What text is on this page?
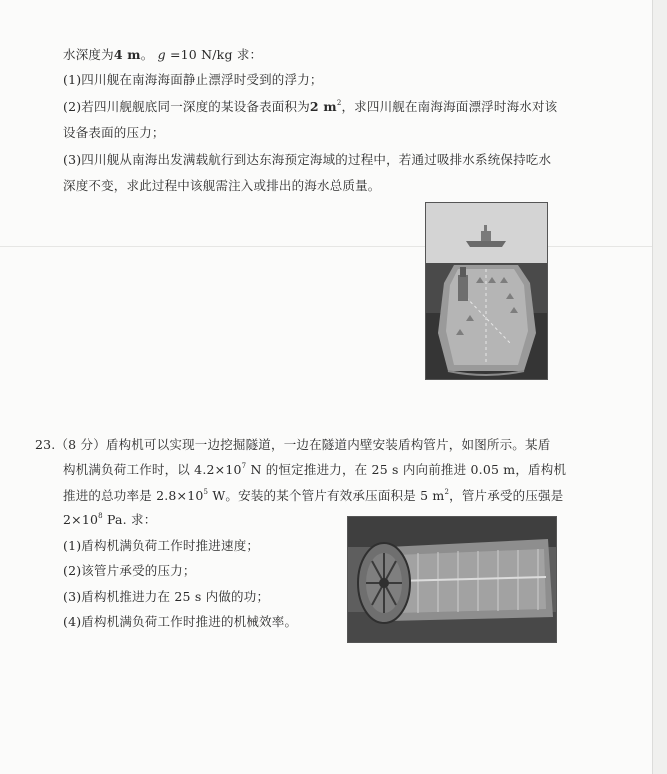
水深度为4 m。 g =10 N/kg 求：
(1)四川舰在南海海面静止漂浮时受到的浮力；
(2)若四川舰舰底同一深度的某设备表面积为2 $m^2$，求四川舰在南海海面漂浮时海水对该
设备表面的压力；
(3)四川舰从南海出发满载航行到达东海预定海域的过程中，若通过吸排水系统保持吃水
深度不变，求此过程中该舰需注入或排出的海水总质量。
23.（8 分）盾构机可以实现一边挖掘隧道，一边在隧道内壁安装盾构管片，如图所示。某盾
构机满负荷工作时，以 $4.2\times 10^7$ N 的恒定推进力，在 25 s 内向前推进 0.05 m，盾构机
推进的总功率是 $2.8\times 10^5$ W。安装的某个管片有效承压面积是 5 $m^2$，管片承受的压强是
$2\times 10^8$ Pa. 求：
(1)盾构机满负荷工作时推进速度；
(2)该管片承受的压力；
(3)盾构机推进力在 25 s 内做的功；
(4)盾构机满负荷工作时推进的机械效率。
